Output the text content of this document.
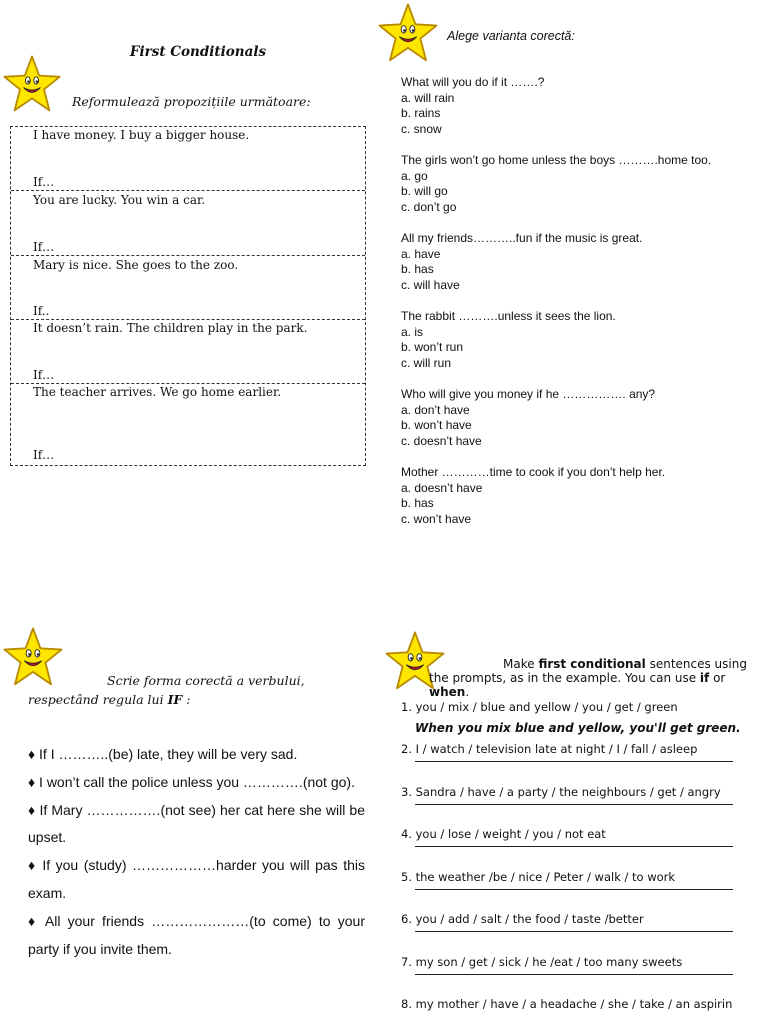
First Conditionals
Reformulează propozițiile următoare:
I have money. I buy a bigger house.
If…
You are lucky. You win a car.
If…
Mary is nice. She goes to the zoo.
If..
It doesn’t rain. The children play in the park.
If…
The teacher arrives. We go home earlier.
If…
Alege varianta corectă:

What will you do if it …….?

a. will rain

b. rains

c. snow

The girls won’t go home unless the boys ……….home too.

a. go

b. will go

c. don’t go

All my friends………..fun if the music is great.

a. have

b. has

c. will have

The rabbit ……….unless it sees the lion.

a. is

b. won’t run

c. will run

Who will give you money if he ……………. any?

a. don’t have

b. won’t have

c. doesn’t have

Mother …………time to cook if you don’t help her.

a. doesn’t have

b. has

c. won’t have

Scrie forma corectă a verbului,
respectând regula lui IF :

♦ If I ………..(be) late, they will be very sad.

♦ I won’t call the police unless you ………….(not go).

♦ If Mary …………….(not see) her cat here she will be upset.

♦ If you (study) ………………harder you will pas this exam.

♦ All your friends …………………(to come) to your party if you invite them.

Make first conditional sentences using the prompts, as in the example. You can use if or when.
1. you / mix / blue and yellow / you / get / green
When you mix blue and yellow, you'll get green.
2. I / watch / television late at night / I / fall / asleep
3. Sandra / have / a party / the neighbours / get / angry
4. you / lose / weight / you / not eat
5. the weather /be / nice / Peter / walk / to work
6. you / add / salt / the food / taste /better
7. my son / get / sick / he /eat / too many sweets
8. my mother / have / a headache / she / take / an aspirin
